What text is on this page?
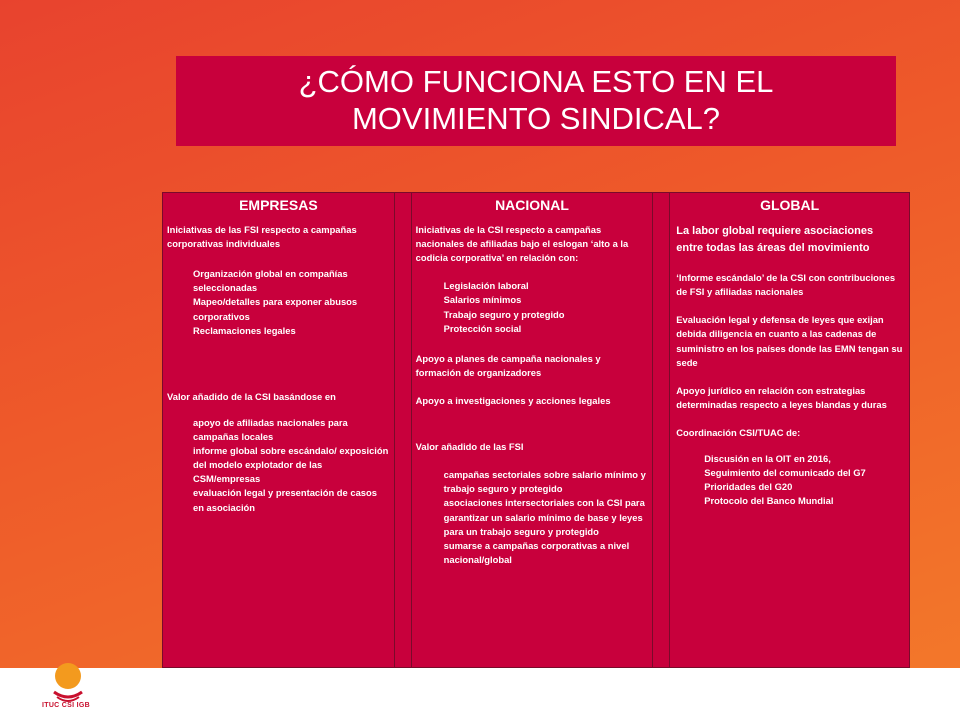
ITUC CSI IGB
¿CÓMO FUNCIONA ESTO EN EL MOVIMIENTO SINDICAL?
EMPRESAS

Iniciativas de las FSI respecto a campañas corporativas individuales

Organización global en compañías seleccionadas

Mapeo/detalles para exponer abusos corporativos

Reclamaciones legales

Valor añadido de la CSI basándose en

apoyo de afiliadas nacionales para campañas locales

informe global sobre escándalo/ exposición del modelo explotador de las CSM/empresas

evaluación legal y presentación de casos en asociación

NACIONAL

Iniciativas de la CSI respecto a campañas nacionales de afiliadas bajo el eslogan ‘alto a la codicia corporativa’ en relación con:

Legislación laboral

Salarios mínimos

Trabajo seguro y protegido

Protección social

Apoyo a planes de campaña nacionales y formación de organizadores

Apoyo a investigaciones y acciones legales

Valor añadido de las FSI

campañas sectoriales sobre salario mínimo y trabajo seguro y protegido

asociaciones intersectoriales con la CSI para garantizar un salario mínimo de base y leyes para un trabajo seguro y protegido

sumarse a campañas corporativas a nivel nacional/global

GLOBAL

La labor global requiere asociaciones entre todas las áreas del movimiento

‘Informe escándalo’ de la CSI con contribuciones de FSI y afiliadas nacionales

Evaluación legal y defensa de leyes que exijan debida diligencia en cuanto a las cadenas de suministro en los países donde las EMN tengan su sede

Apoyo jurídico en relación con estrategias determinadas respecto a leyes blandas y duras

Coordinación CSI/TUAC de:

Discusión en la OIT en 2016,

Seguimiento del comunicado del G7

Prioridades del G20

Protocolo del Banco Mundial
